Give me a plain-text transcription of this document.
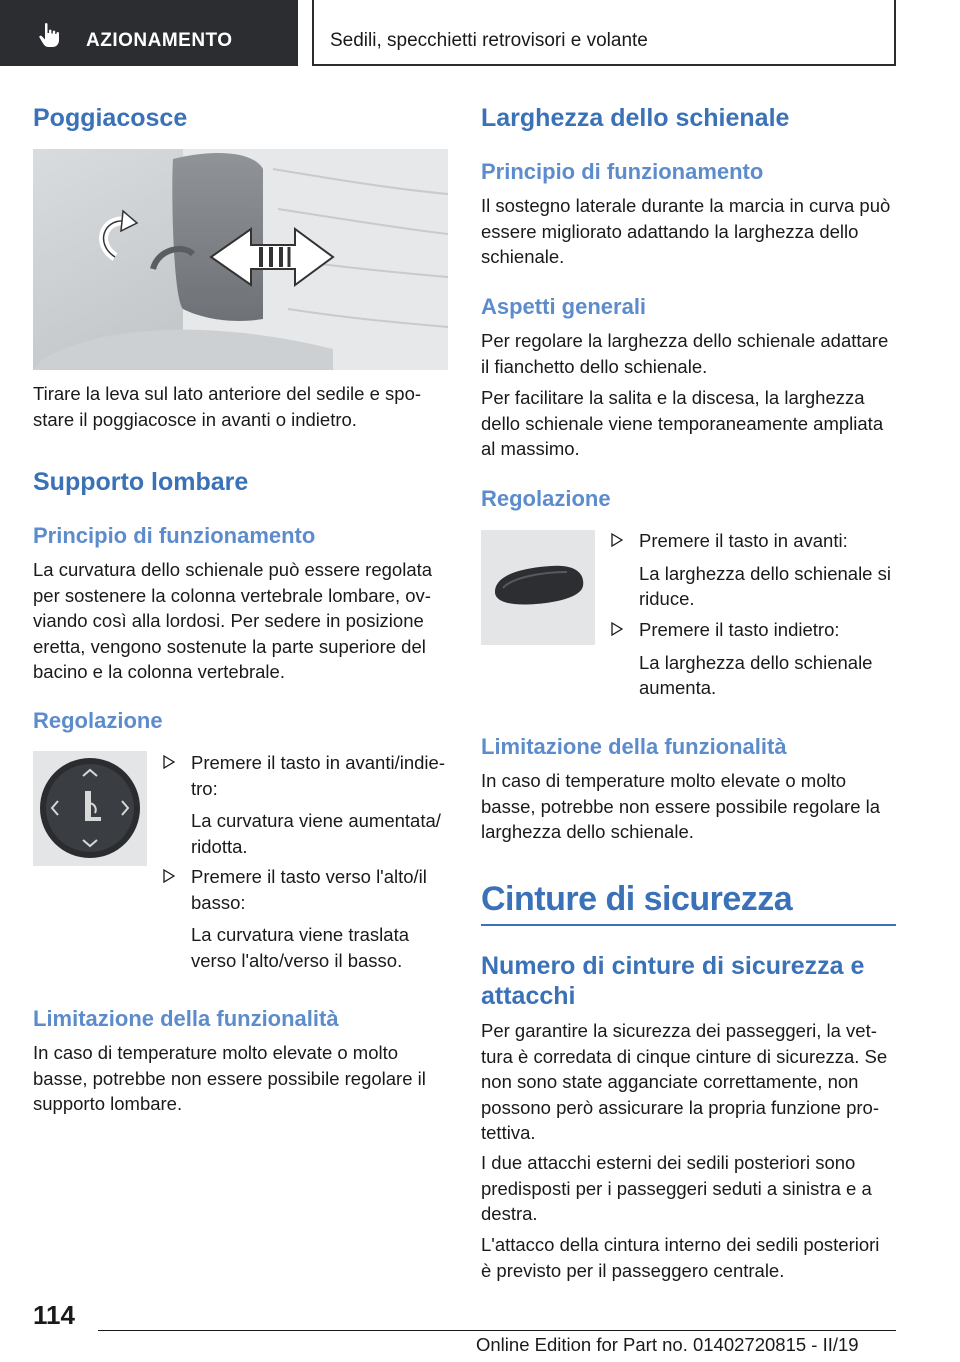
AZIONAMENTO	Sedili, specchietti retrovisori e volante
Poggiacosce
Tirare la leva sul lato anteriore del sedile e spo-
stare il poggiacosce in avanti o indietro.
Supporto lombare
Principio di funzionamento
La curvatura dello schienale può essere regolata
per sostenere la colonna vertebrale lombare, ov-
viando così alla lordosi. Per sedere in posizione
eretta, vengono sostenute la parte superiore del
bacino e la colonna vertebrale.
Regolazione
Premere il tasto in avanti/indie-
tro:
La curvatura viene aumentata/
ridotta.
Premere il tasto verso l'alto/il
basso:
La curvatura viene traslata
verso l'alto/verso il basso.
Limitazione della funzionalità
In caso di temperature molto elevate o molto
basse, potrebbe non essere possibile regolare il
supporto lombare.
Larghezza dello schienale
Principio di funzionamento
Il sostegno laterale durante la marcia in curva può
essere migliorato adattando la larghezza dello
schienale.
Aspetti generali
Per regolare la larghezza dello schienale adattare
il fianchetto dello schienale.
Per facilitare la salita e la discesa, la larghezza
dello schienale viene temporaneamente ampliata
al massimo.
Regolazione
Premere il tasto in avanti:
La larghezza dello schienale si
riduce.
Premere il tasto indietro:
La larghezza dello schienale
aumenta.
Limitazione della funzionalità
In caso di temperature molto elevate o molto
basse, potrebbe non essere possibile regolare la
larghezza dello schienale.
Cinture di sicurezza
Numero di cinture di sicurezza e
attacchi
Per garantire la sicurezza dei passeggeri, la vet-
tura è corredata di cinque cinture di sicurezza. Se
non sono state agganciate correttamente, non
possono però assicurare la propria funzione pro-
tettiva.
I due attacchi esterni dei sedili posteriori sono
predisposti per i passeggeri seduti a sinistra e a
destra.
L'attacco della cintura interno dei sedili posteriori
è previsto per il passeggero centrale.
114
Online Edition for Part no. 01402720815 - II/19
